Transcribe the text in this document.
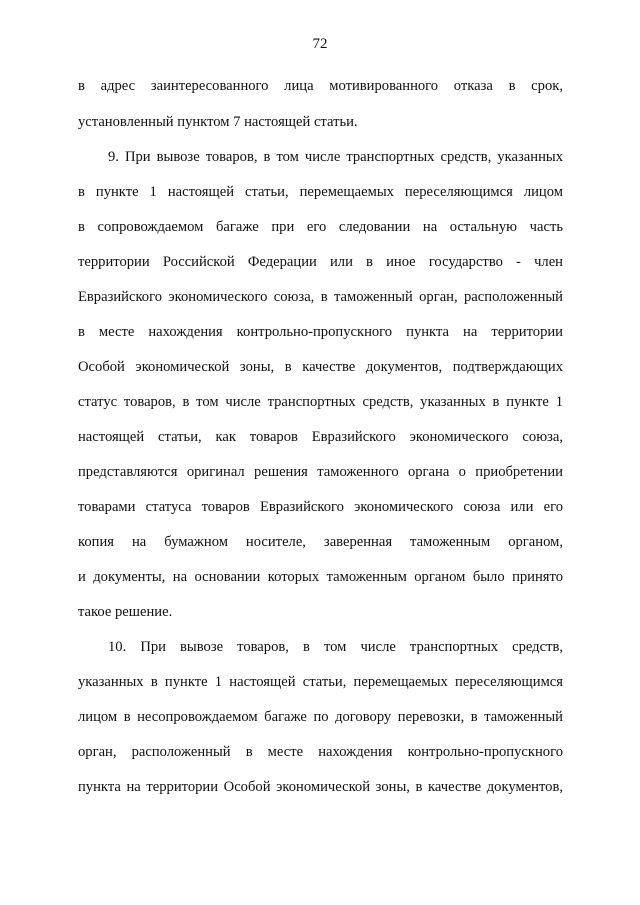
72
в адрес заинтересованного лица мотивированного отказа в срок,
установленный пунктом 7 настоящей статьи.
9. При вывозе товаров, в том числе транспортных средств, указанных
в пункте 1 настоящей статьи, перемещаемых переселяющимся лицом
в сопровождаемом багаже при его следовании на остальную часть
территории Российской Федерации или в иное государство - член
Евразийского экономического союза, в таможенный орган, расположенный
в месте нахождения контрольно-пропускного пункта на территории
Особой экономической зоны, в качестве документов, подтверждающих
статус товаров, в том числе транспортных средств, указанных в пункте 1
настоящей статьи, как товаров Евразийского экономического союза,
представляются оригинал решения таможенного органа о приобретении
товарами статуса товаров Евразийского экономического союза или его
копия на бумажном носителе, заверенная таможенным органом,
и документы, на основании которых таможенным органом было принято
такое решение.
10. При вывозе товаров, в том числе транспортных средств,
указанных в пункте 1 настоящей статьи, перемещаемых переселяющимся
лицом в несопровождаемом багаже по договору перевозки, в таможенный
орган, расположенный в месте нахождения контрольно-пропускного
пункта на территории Особой экономической зоны, в качестве документов,
